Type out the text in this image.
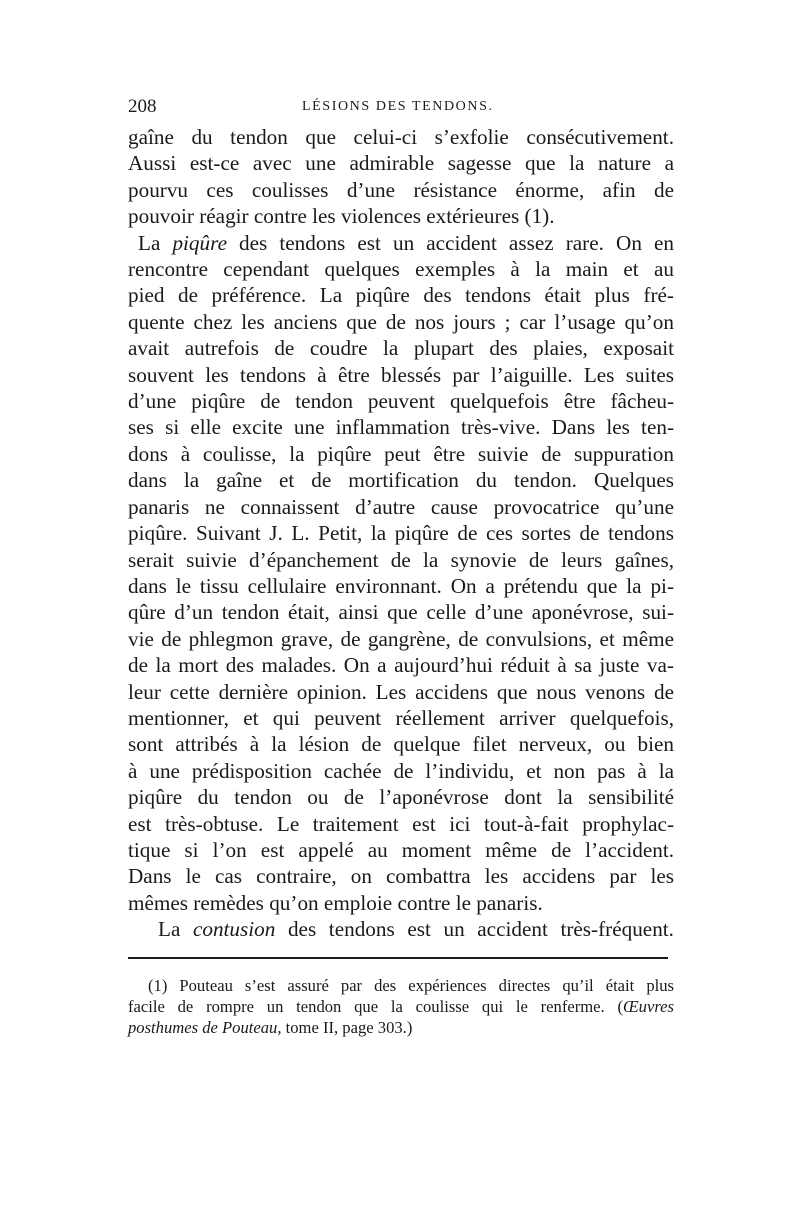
208	LÉSIONS DES TENDONS.
gaîne du tendon que celui-ci s’exfolie consécutivement.
Aussi est-ce avec une admirable sagesse que la nature a
pourvu ces coulisses d’une résistance énorme, afin de
pouvoir réagir contre les violences extérieures (1).
La piqûre des tendons est un accident assez rare. On en
rencontre cependant quelques exemples à la main et au
pied de préférence. La piqûre des tendons était plus fré-
quente chez les anciens que de nos jours ; car l’usage qu’on
avait autrefois de coudre la plupart des plaies, exposait
souvent les tendons à être blessés par l’aiguille. Les suites
d’une piqûre de tendon peuvent quelquefois être fâcheu-
ses si elle excite une inflammation très-vive. Dans les ten-
dons à coulisse, la piqûre peut être suivie de suppuration
dans la gaîne et de mortification du tendon. Quelques
panaris ne connaissent d’autre cause provocatrice qu’une
piqûre. Suivant J. L. Petit, la piqûre de ces sortes de tendons
serait suivie d’épanchement de la synovie de leurs gaînes,
dans le tissu cellulaire environnant. On a prétendu que la pi-
qûre d’un tendon était, ainsi que celle d’une aponévrose, sui-
vie de phlegmon grave, de gangrène, de convulsions, et même
de la mort des malades. On a aujourd’hui réduit à sa juste va-
leur cette dernière opinion. Les accidens que nous venons de
mentionner, et qui peuvent réellement arriver quelquefois,
sont attribés à la lésion de quelque filet nerveux, ou bien
à une prédisposition cachée de l’individu, et non pas à la
piqûre du tendon ou de l’aponévrose dont la sensibilité
est très-obtuse. Le traitement est ici tout-à-fait prophylac-
tique si l’on est appelé au moment même de l’accident.
Dans le cas contraire, on combattra les accidens par les
mêmes remèdes qu’on emploie contre le panaris.
La contusion des tendons est un accident très-fréquent.
(1) Pouteau s’est assuré par des expériences directes qu’il était plus
facile de rompre un tendon que la coulisse qui le renferme. (Œuvres
posthumes de Pouteau, tome II, page 303.)
